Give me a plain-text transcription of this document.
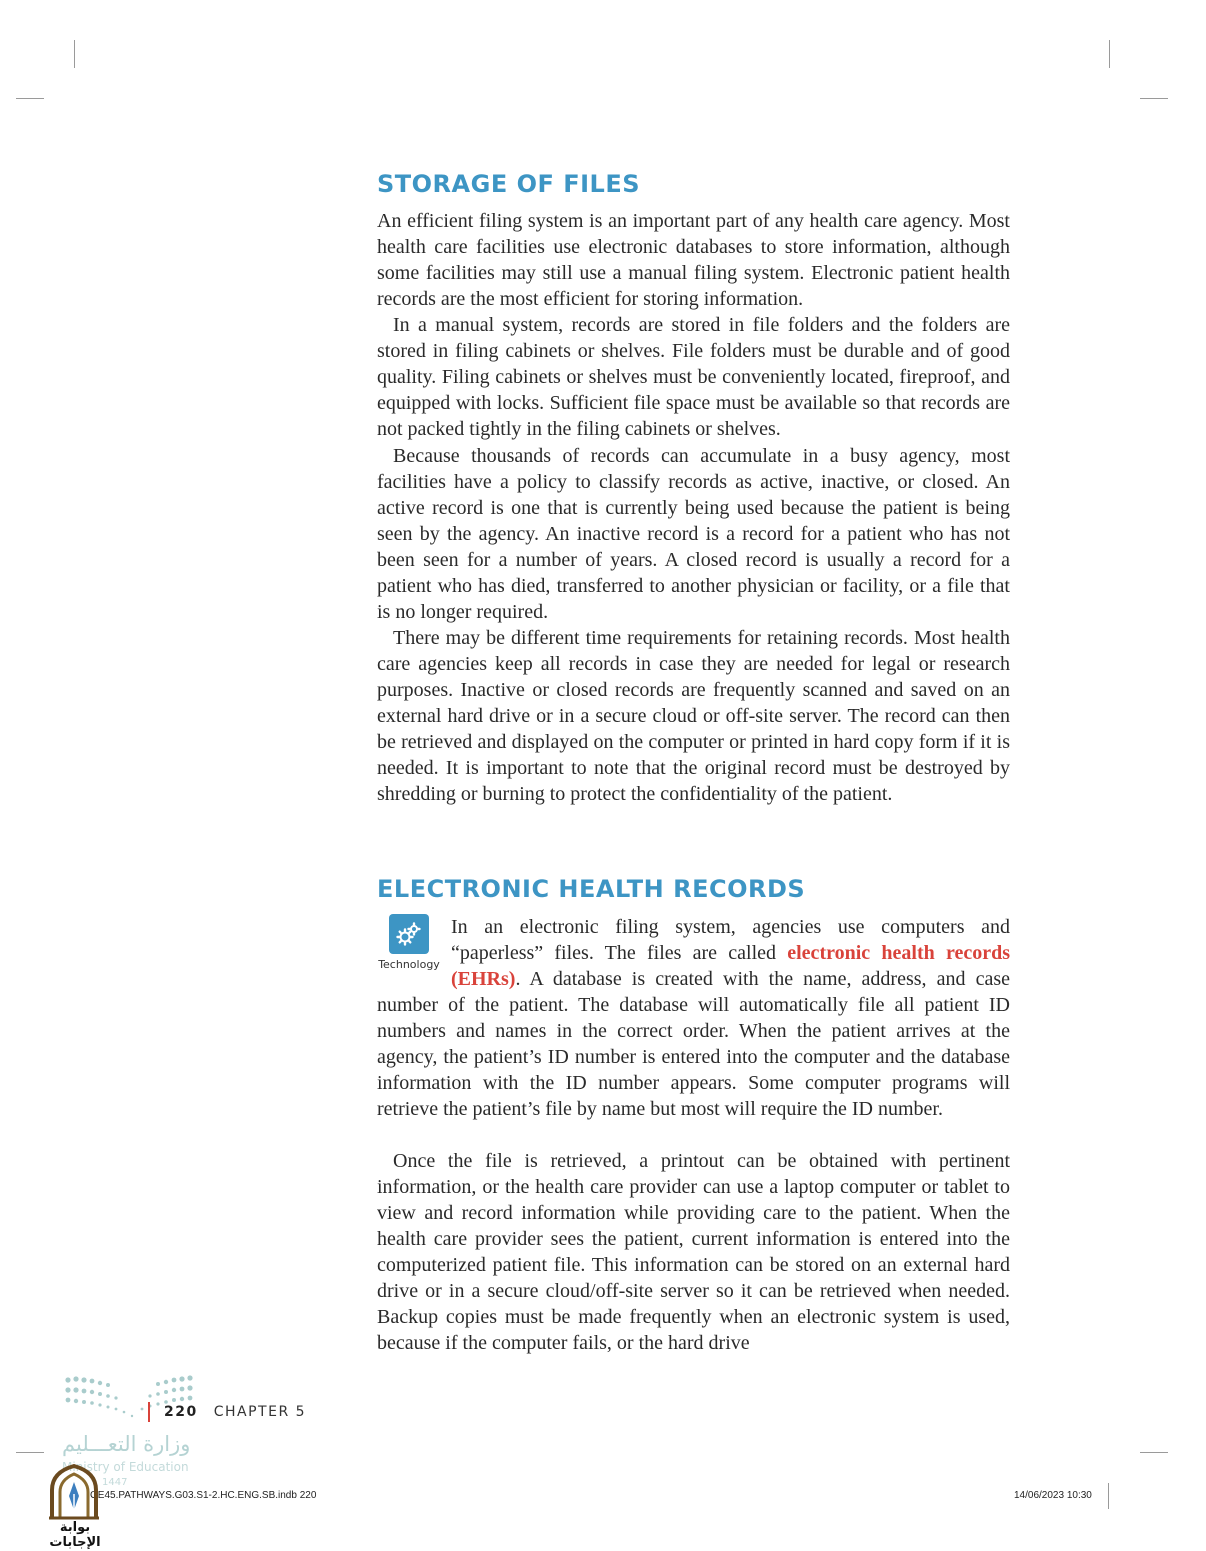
STORAGE OF FILES

An efficient filing system is an important part of any health care agency. Most health care facilities use electronic databases to store information, although some facilities may still use a manual filing system. Electronic patient health records are the most efficient for storing information.

In a manual system, records are stored in file folders and the folders are stored in filing cabinets or shelves. File folders must be durable and of good quality. Filing cabinets or shelves must be conveniently located, fireproof, and equipped with locks. Sufficient file space must be available so that records are not packed tightly in the filing cabinets or shelves.

Because thousands of records can accumulate in a busy agency, most facilities have a policy to classify records as active, inactive, or closed. An active record is one that is currently being used because the patient is being seen by the agency. An inactive record is a record for a patient who has not been seen for a number of years. A closed record is usually a record for a patient who has died, transferred to another physician or facility, or a file that is no longer required.

There may be different time requirements for retaining records. Most health care agencies keep all records in case they are needed for legal or research purposes. Inactive or closed records are frequently scanned and saved on an external hard drive or in a secure cloud or off-site server. The record can then be retrieved and displayed on the computer or printed in hard copy form if it is needed. It is important to note that the original record must be destroyed by shredding or burning to protect the confidentiality of the patient.

ELECTRONIC HEALTH RECORDS

Technology
In an electronic filing system, agencies use computers and “paperless” files. The files are called electronic health records (EHRs). A database is created with the name, address, and case number of the patient. The database will automatically file all patient ID numbers and names in the correct order. When the patient arrives at the agency, the patient’s ID number is entered into the computer and the database information with the ID number appears. Some computer programs will retrieve the patient’s file by name but most will require the ID number.

Once the file is retrieved, a printout can be obtained with pertinent information, or the health care provider can use a laptop computer or tablet to view and record information while providing care to the patient. When the health care provider sees the patient, current information is entered into the computerized patient file. This information can be stored on an external hard drive or in a secure cloud/off-site server so it can be retrieved when needed. Backup copies must be made frequently when an electronic system is used, because if the computer fails, or the hard drive

220 CHAPTER 5
وزارة التعـــليم
Ministry of Education
1447
GE45.PATHWAYS.G03.S1-2.HC.ENG.SB.indb 220	14/06/2023 10:30
بوابة الإجابات
